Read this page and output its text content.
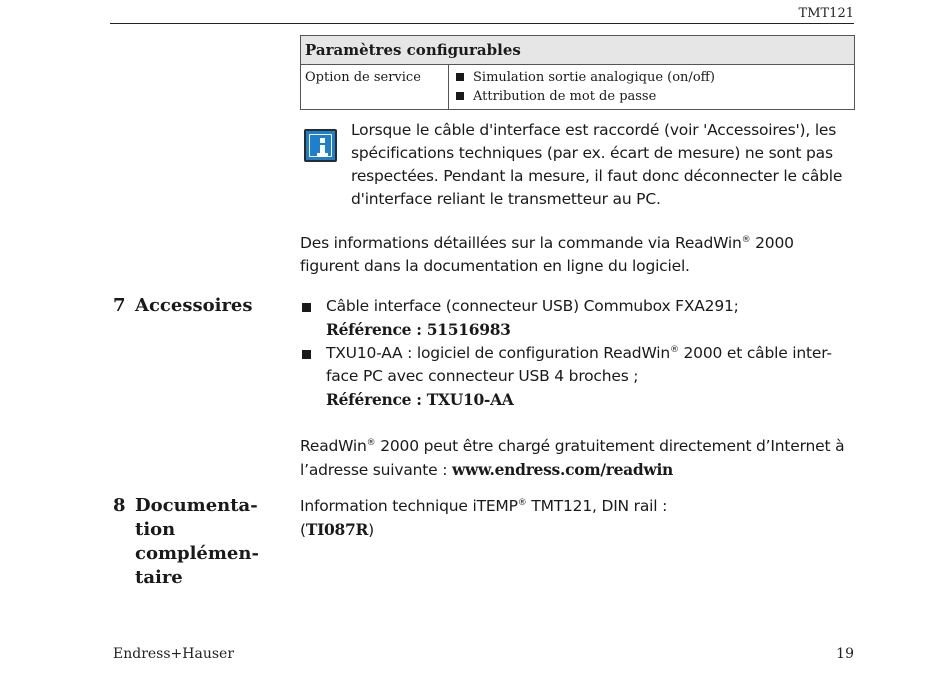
TMT121
Paramètres configurables
Option de service	Simulation sortie analogique (on/off)
Attribution de mot de passe
Lorsque le câble d'interface est raccordé (voir 'Accessoires'), les spécifications techniques (par ex. écart de mesure) ne sont pas respectées. Pendant la mesure, il faut donc déconnecter le câble d'interface reliant le transmetteur au PC.
Des informations détaillées sur la commande via ReadWin® 2000 figurent dans la documentation en ligne du logiciel.
7 Accessoires	Câble interface (connecteur USB) Commubox FXA291;
Référence : 51516983
TXU10-AA : logiciel de configuration ReadWin® 2000 et câble inter- face PC avec connecteur USB 4 broches ;
Référence : TXU10-AA
ReadWin® 2000 peut être chargé gratuitement directement d’Internet à l’adresse suivante : www.endress.com/readwin
8 Documenta-
tion
complémen-
taire
Information technique iTEMP® TMT121, DIN rail :
(TI087R)
Endress+Hauser	19
